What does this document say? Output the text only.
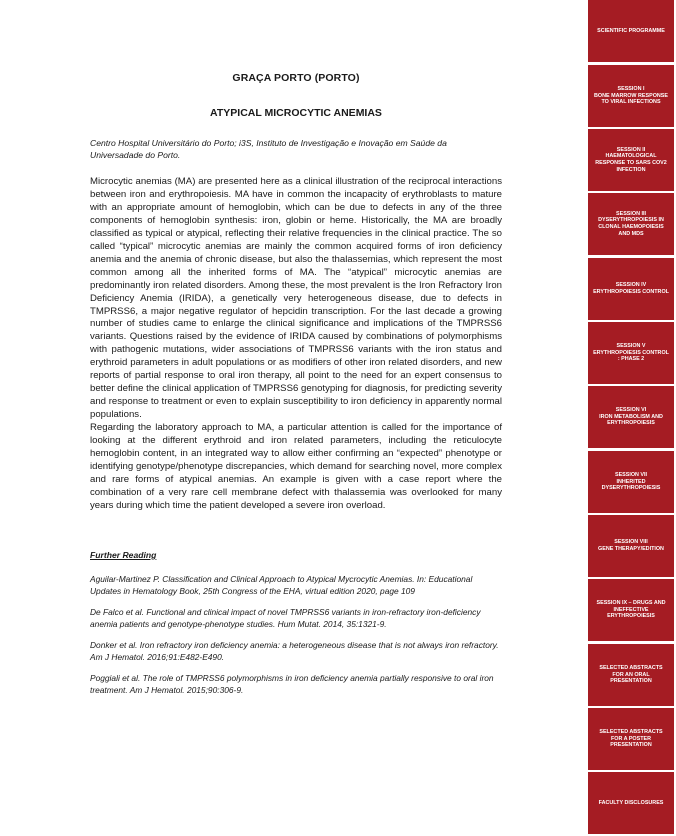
GRAÇA PORTO (PORTO)
ATYPICAL MICROCYTIC ANEMIAS
Centro Hospital Universitário do Porto; i3S, Instituto de Investigação e Inovação em Saúde da Universadade do Porto.

Microcytic anemias (MA) are presented here as a clinical illustration of the reciprocal interactions between iron and erythropoiesis. MA have in common the incapacity of erythroblasts to mature with an appropriate amount of hemoglobin, which can be due to defects in any of the three components of hemoglobin synthesis: iron, globin or heme. Historically, the MA are broadly classified as typical or atypical, reflecting their relative frequencies in the clinical practice. The so called “typical” microcytic anemias are mainly the common acquired forms of iron deficiency anemia and the anemia of chronic disease, but also the thalassemias, which represent the most common among all the inherited forms of MA. The “atypical” microcytic anemias are predominantly iron related disorders. Among these, the most prevalent is the Iron Refractory Iron Deficiency Anemia (IRIDA), a genetically very heterogeneous disease, due to defects in TMPRSS6, a major negative regulator of hepcidin transcription. For the last decade a growing number of studies came to enlarge the clinical significance and implications of the TMPRSS6 variants. Questions raised by the evidence of IRIDA caused by combinations of polymorphisms with pathogenic mutations, wider associations of TMPRSS6 variants with the iron status and erythroid parameters in adult populations or as modifiers of other iron related disorders, and new reports of partial response to oral iron therapy, all point to the need for an expert consensus to better define the clinical application of TMPRSS6 genotyping for diagnosis, for predicting severity and response to treatment or even to explain susceptibility to iron deficiency in apparently normal populations.

Regarding the laboratory approach to MA, a particular attention is called for the importance of looking at the different erythroid and iron related parameters, including the reticulocyte hemoglobin content, in an integrated way to allow either confirming an “expected” phenotype or identifying genotype/phenotype discrepancies, which demand for searching novel, more complex and rare forms of atypical anemias. An example is given with a case report where the combination of a very rare cell membrane defect with thalassemia was overlooked for many years during which time the patient developed a severe iron overload.

Further Reading

Aguilar-Martinez P. Classification and Clinical Approach to Atypical Mycrocytic Anemias. In: Educational Updates in Hematology Book, 25th Congress of the EHA, virtual edition 2020, page 109

De Falco et al. Functional and clinical impact of novel TMPRSS6 variants in iron-refractory iron-deficiency anemia patients and genotype-phenotype studies. Hum Mutat. 2014, 35:1321-9.

Donker et al. Iron refractory iron deficiency anemia: a heterogeneous disease that is not always iron refractory. Am J Hematol. 2016;91:E482-E490.

Poggiali et al. The role of TMPRSS6 polymorphisms in iron deficiency anemia partially responsive to oral iron treatment. Am J Hematol. 2015;90:306-9.

SCIENTIFIC PROGRAMME
SESSION I
BONE MARROW RESPONSE TO VIRAL INFECTIONS
SESSION II
HAEMATOLOGICAL RESPONSE TO SARS COV2 INFECTION
SESSION III
DYSERYTHROPOIESIS IN CLONAL HAEMOPOIESIS AND MDS
SESSION IV
ERYTHROPOIESIS CONTROL
SESSION V
ERYTHROPOIESIS CONTROL : PHASE 2
SESSION VI
IRON METABOLISM AND ERYTHROPOIESIS
SESSION VII
INHERITED DYSERYTHROPOIESIS
SESSION VIII
GENE THERAPY/EDITION
SESSION IX – DRUGS AND INEFFECTIVE ERYTHROPOIESIS
SELECTED ABSTRACTS FOR AN ORAL PRESENTATION
SELECTED ABSTRACTS FOR A POSTER PRESENTATION
FACULTY DISCLOSURES
